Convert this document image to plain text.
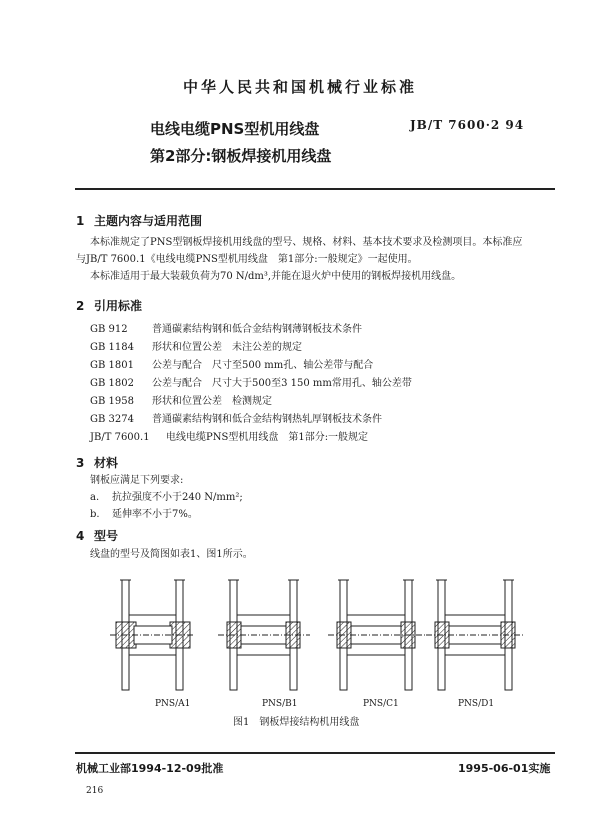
中华人民共和国机械行业标准
电线电缆PNS型机用线盘
第2部分:钢板焊接机用线盘
JB/T 7600·2 94
1 主题内容与适用范围
本标准规定了PNS型钢板焊接机用线盘的型号、规格、材料、基本技术要求及检测项目。本标准应
与JB/T 7600.1《电线电缆PNS型机用线盘　第1部分:一般规定》一起使用。
本标准适用于最大装载负荷为70 N/dm³,并能在退火炉中使用的钢板焊接机用线盘。
2 引用标准
GB 912 普通碳素结构钢和低合金结构钢薄钢板技术条件
GB 1184 形状和位置公差　未注公差的规定
GB 1801 公差与配合　尺寸至500 mm孔、轴公差带与配合
GB 1802 公差与配合　尺寸大于500至3 150 mm常用孔、轴公差带
GB 1958 形状和位置公差　检测规定
GB 3274 普通碳素结构钢和低合金结构钢热轧厚钢板技术条件
JB/T 7600.1 电线电缆PNS型机用线盘　第1部分:一般规定
3 材料
钢板应满足下列要求:
a. 抗拉强度不小于240 N/mm²;
b. 延伸率不小于7%。
4 型号
线盘的型号及简图如表1、图1所示。
PNS/A1	PNS/B1	PNS/C1	PNS/D1
图1　钢板焊接结构机用线盘
机械工业部1994-12-09批准	1995-06-01实施
216
